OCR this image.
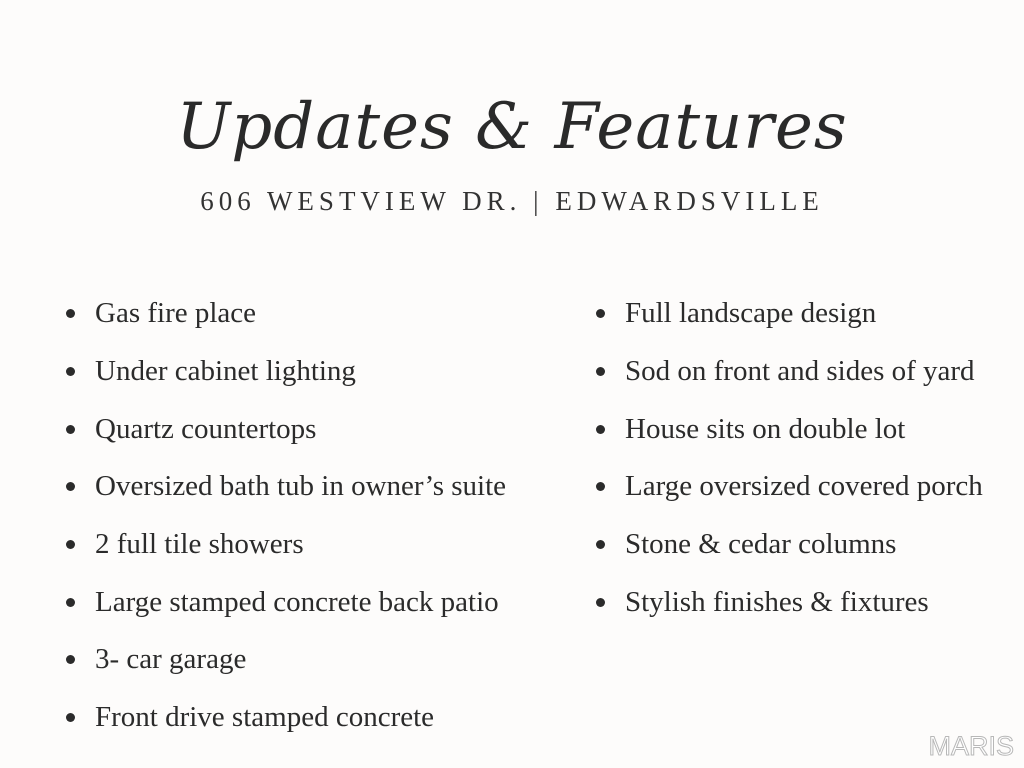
Updates & Features
606 WESTVIEW DR. | EDWARDSVILLE
Gas fire place
Under cabinet lighting
Quartz countertops
Oversized bath tub in owner’s suite
2 full tile showers
Large stamped concrete back patio
3- car garage
Front drive stamped concrete
Full landscape design
Sod on front and sides of yard
House sits on double lot
Large oversized covered porch
Stone & cedar columns
Stylish finishes & fixtures
MARIS
